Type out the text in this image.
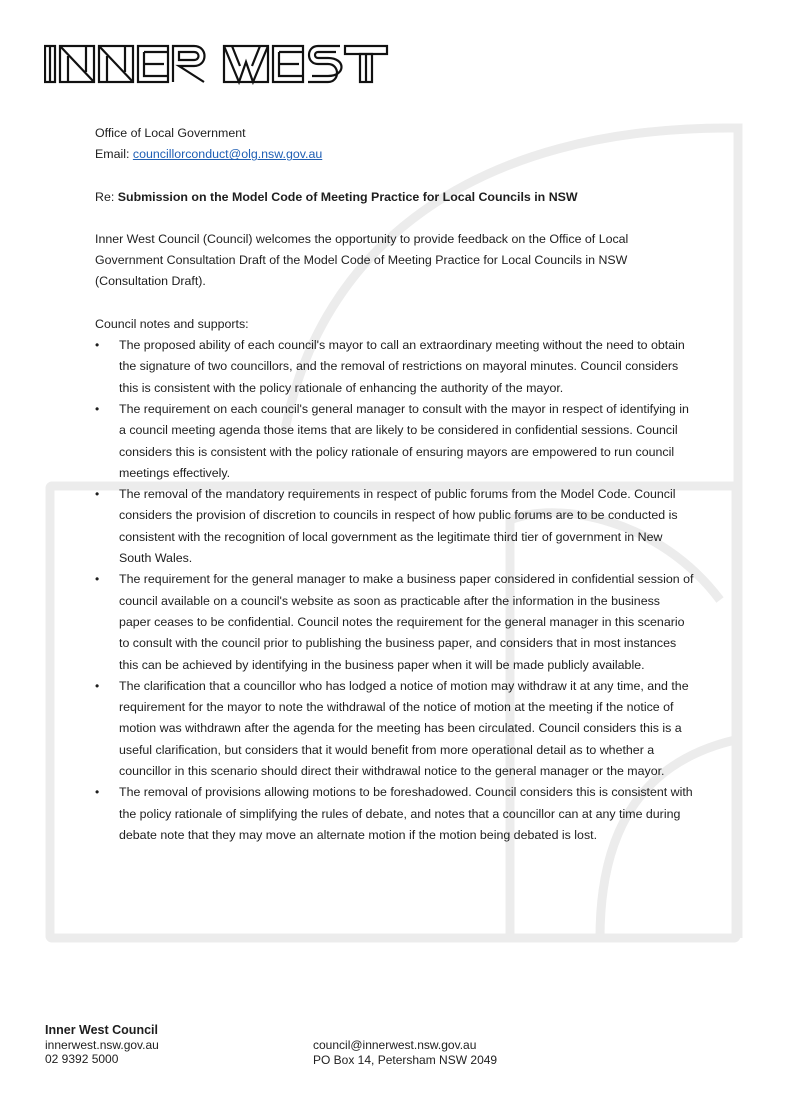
Office of Local Government

Email: councillorconduct@olg.nsw.gov.au

Re: Submission on the Model Code of Meeting Practice for Local Councils in NSW

Inner West Council (Council) welcomes the opportunity to provide feedback on the Office of Local Government Consultation Draft of the Model Code of Meeting Practice for Local Councils in NSW (Consultation Draft).

Council notes and supports:

• The proposed ability of each council's mayor to call an extraordinary meeting without the need to obtain the signature of two councillors, and the removal of restrictions on mayoral minutes. Council considers this is consistent with the policy rationale of enhancing the authority of the mayor.
• The requirement on each council's general manager to consult with the mayor in respect of identifying in a council meeting agenda those items that are likely to be considered in confidential sessions. Council considers this is consistent with the policy rationale of ensuring mayors are empowered to run council meetings effectively.
• The removal of the mandatory requirements in respect of public forums from the Model Code. Council considers the provision of discretion to councils in respect of how public forums are to be conducted is consistent with the recognition of local government as the legitimate third tier of government in New South Wales.
• The requirement for the general manager to make a business paper considered in confidential session of council available on a council's website as soon as practicable after the information in the business paper ceases to be confidential. Council notes the requirement for the general manager in this scenario to consult with the council prior to publishing the business paper, and considers that in most instances this can be achieved by identifying in the business paper when it will be made publicly available.
• The clarification that a councillor who has lodged a notice of motion may withdraw it at any time, and the requirement for the mayor to note the withdrawal of the notice of motion at the meeting if the notice of motion was withdrawn after the agenda for the meeting has been circulated. Council considers this is a useful clarification, but considers that it would benefit from more operational detail as to whether a councillor in this scenario should direct their withdrawal notice to the general manager or the mayor.
• The removal of provisions allowing motions to be foreshadowed. Council considers this is consistent with the policy rationale of simplifying the rules of debate, and notes that a councillor can at any time during debate note that they may move an alternate motion if the motion being debated is lost.
Inner West Council
innerwest.nsw.gov.au
02 9392 5000
council@innerwest.nsw.gov.au
PO Box 14, Petersham NSW 2049
